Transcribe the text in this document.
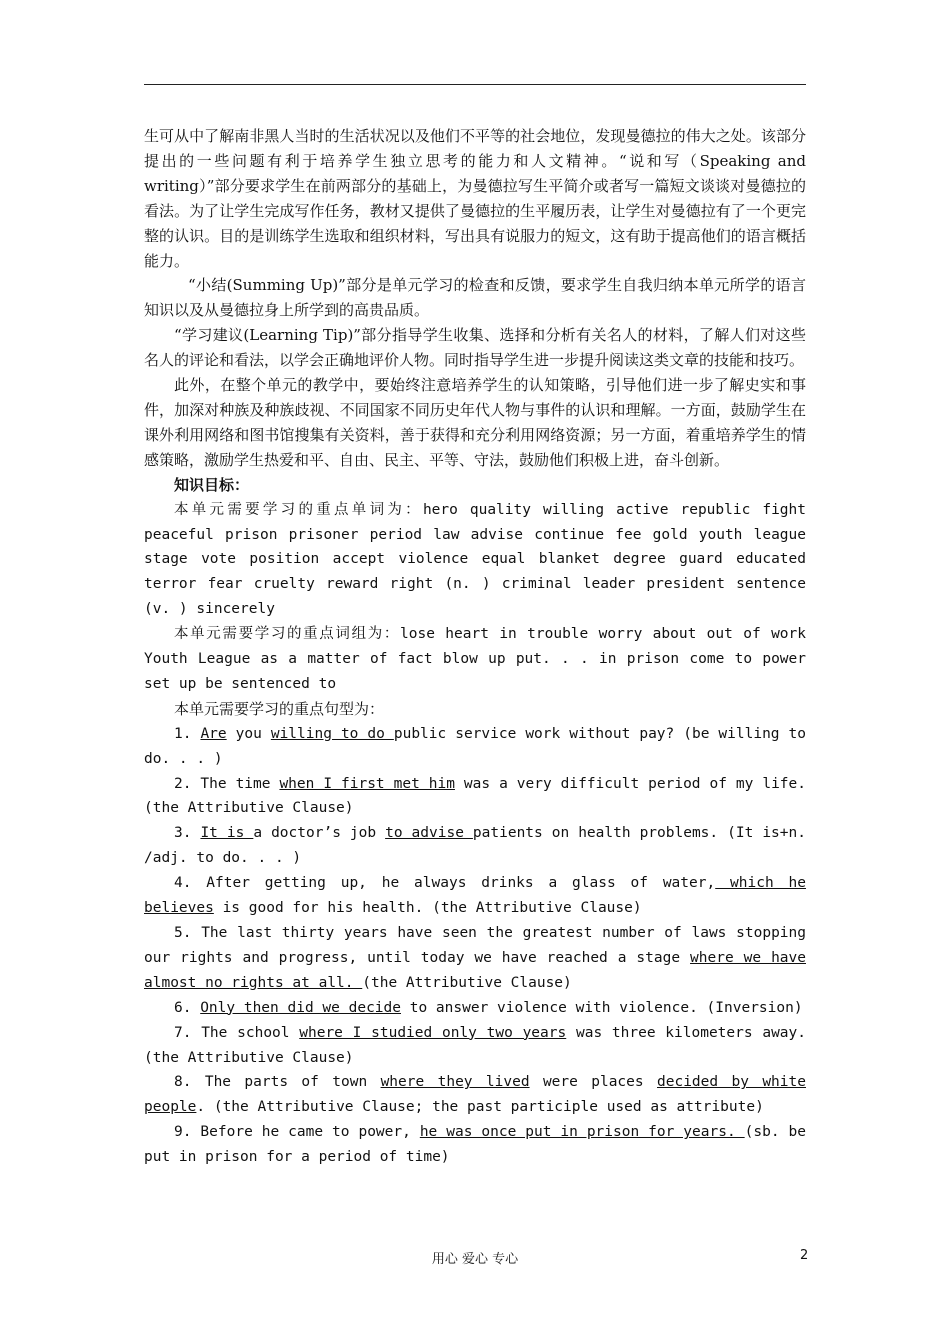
生可从中了解南非黑人当时的生活状况以及他们不平等的社会地位，发现曼德拉的伟大之处。该部分提出的一些问题有利于培养学生独立思考的能力和人文精神。“说和写（Speaking and writing）”部分要求学生在前两部分的基础上，为曼德拉写生平简介或者写一篇短文谈谈对曼德拉的看法。为了让学生完成写作任务，教材又提供了曼德拉的生平履历表，让学生对曼德拉有了一个更完整的认识。目的是训练学生选取和组织材料，写出具有说服力的短文，这有助于提高他们的语言概括能力。

“小结(Summing Up)”部分是单元学习的检查和反馈，要求学生自我归纳本单元所学的语言知识以及从曼德拉身上所学到的高贵品质。

“学习建议(Learning Tip)”部分指导学生收集、选择和分析有关名人的材料，了解人们对这些名人的评论和看法，以学会正确地评价人物。同时指导学生进一步提升阅读这类文章的技能和技巧。

此外，在整个单元的教学中，要始终注意培养学生的认知策略，引导他们进一步了解史实和事件，加深对种族及种族歧视、不同国家不同历史年代人物与事件的认识和理解。一方面，鼓励学生在课外利用网络和图书馆搜集有关资料，善于获得和充分利用网络资源；另一方面，着重培养学生的情感策略，激励学生热爱和平、自由、民主、平等、守法，鼓励他们积极上进，奋斗创新。

知识目标：

本单元需要学习的重点单词为：hero quality willing active republic fight peaceful prison prisoner period law advise continue fee gold youth league stage vote position accept violence equal blanket degree guard educated terror fear cruelty reward right (n. ) criminal leader president sentence (v. ) sincerely

本单元需要学习的重点词组为：lose heart in trouble worry about out of work Youth League as a matter of fact blow up put. . . in prison come to power set up be sentenced to

本单元需要学习的重点句型为：

1. Are you willing to do public service work without pay? (be willing to do. . . )

2. The time when I first met him was a very difficult period of my life. (the Attributive Clause)

3. It is a doctor’s job to advise patients on health problems. (It is+n. /adj. to do. . . )

4. After getting up, he always drinks a glass of water, which he believes is good for his health. (the Attributive Clause)

5. The last thirty years have seen the greatest number of laws stopping our rights and progress, until today we have reached a stage where we have almost no rights at all. (the Attributive Clause)

6. Only then did we decide to answer violence with violence. (Inversion)

7. The school where I studied only two years was three kilometers away. (the Attributive Clause)

8. The parts of town where they lived were places decided by white people. (the Attributive Clause; the past participle used as attribute)

9. Before he came to power, he was once put in prison for years. (sb. be put in prison for a period of time)

用心 爱心 专心	2
